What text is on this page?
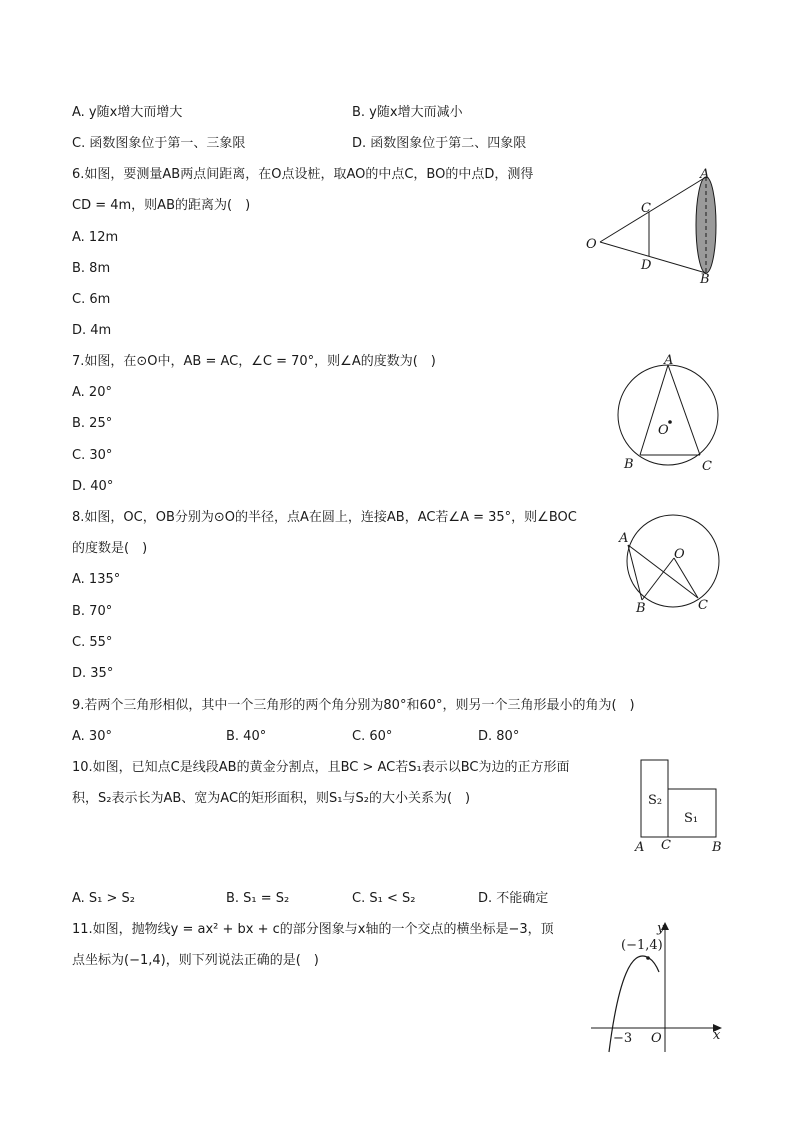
A. y随x增大而增大	B. y随x增大而减小
C. 函数图象位于第一、三象限	D. 函数图象位于第二、四象限
6.如图，要测量AB两点间距离，在O点设桩，取AO的中点C，BO的中点D，测得
CD = 4m，则AB的距离为(　)
A. 12m
B. 8m
C. 6m
D. 4m
A
B
C
D
O
7.如图，在⊙O中，AB = AC，∠C = 70°，则∠A的度数为(　)
A. 20°
B. 25°
C. 30°
D. 40°
A
B	C
O
8.如图，OC，OB分别为⊙O的半径，点A在圆上，连接AB，AC若∠A = 35°，则∠BOC
的度数是(　)
A. 135°
B. 70°
C. 55°
D. 35°
A
B	C
O
9.若两个三角形相似，其中一个三角形的两个角分别为80°和60°，则另一个三角形最小的角为(　)
A. 30°	B. 40°	C. 60°	D. 80°
10.如图，已知点C是线段AB的黄金分割点，且BC > AC若S₁表示以BC为边的正方形面
积，S₂表示长为AB、宽为AC的矩形面积，则S₁与S₂的大小关系为(　)	S₂
S₁
A C	B
A. S₁ > S₂	B. S₁ = S₂	C. S₁ < S₂	D. 不能确定
11.如图，抛物线y = ax² + bx + c的部分图象与x轴的一个交点的横坐标是−3，顶
点坐标为(−1,4)，则下列说法正确的是(　)
y
x
O
(−1,4)
−3
